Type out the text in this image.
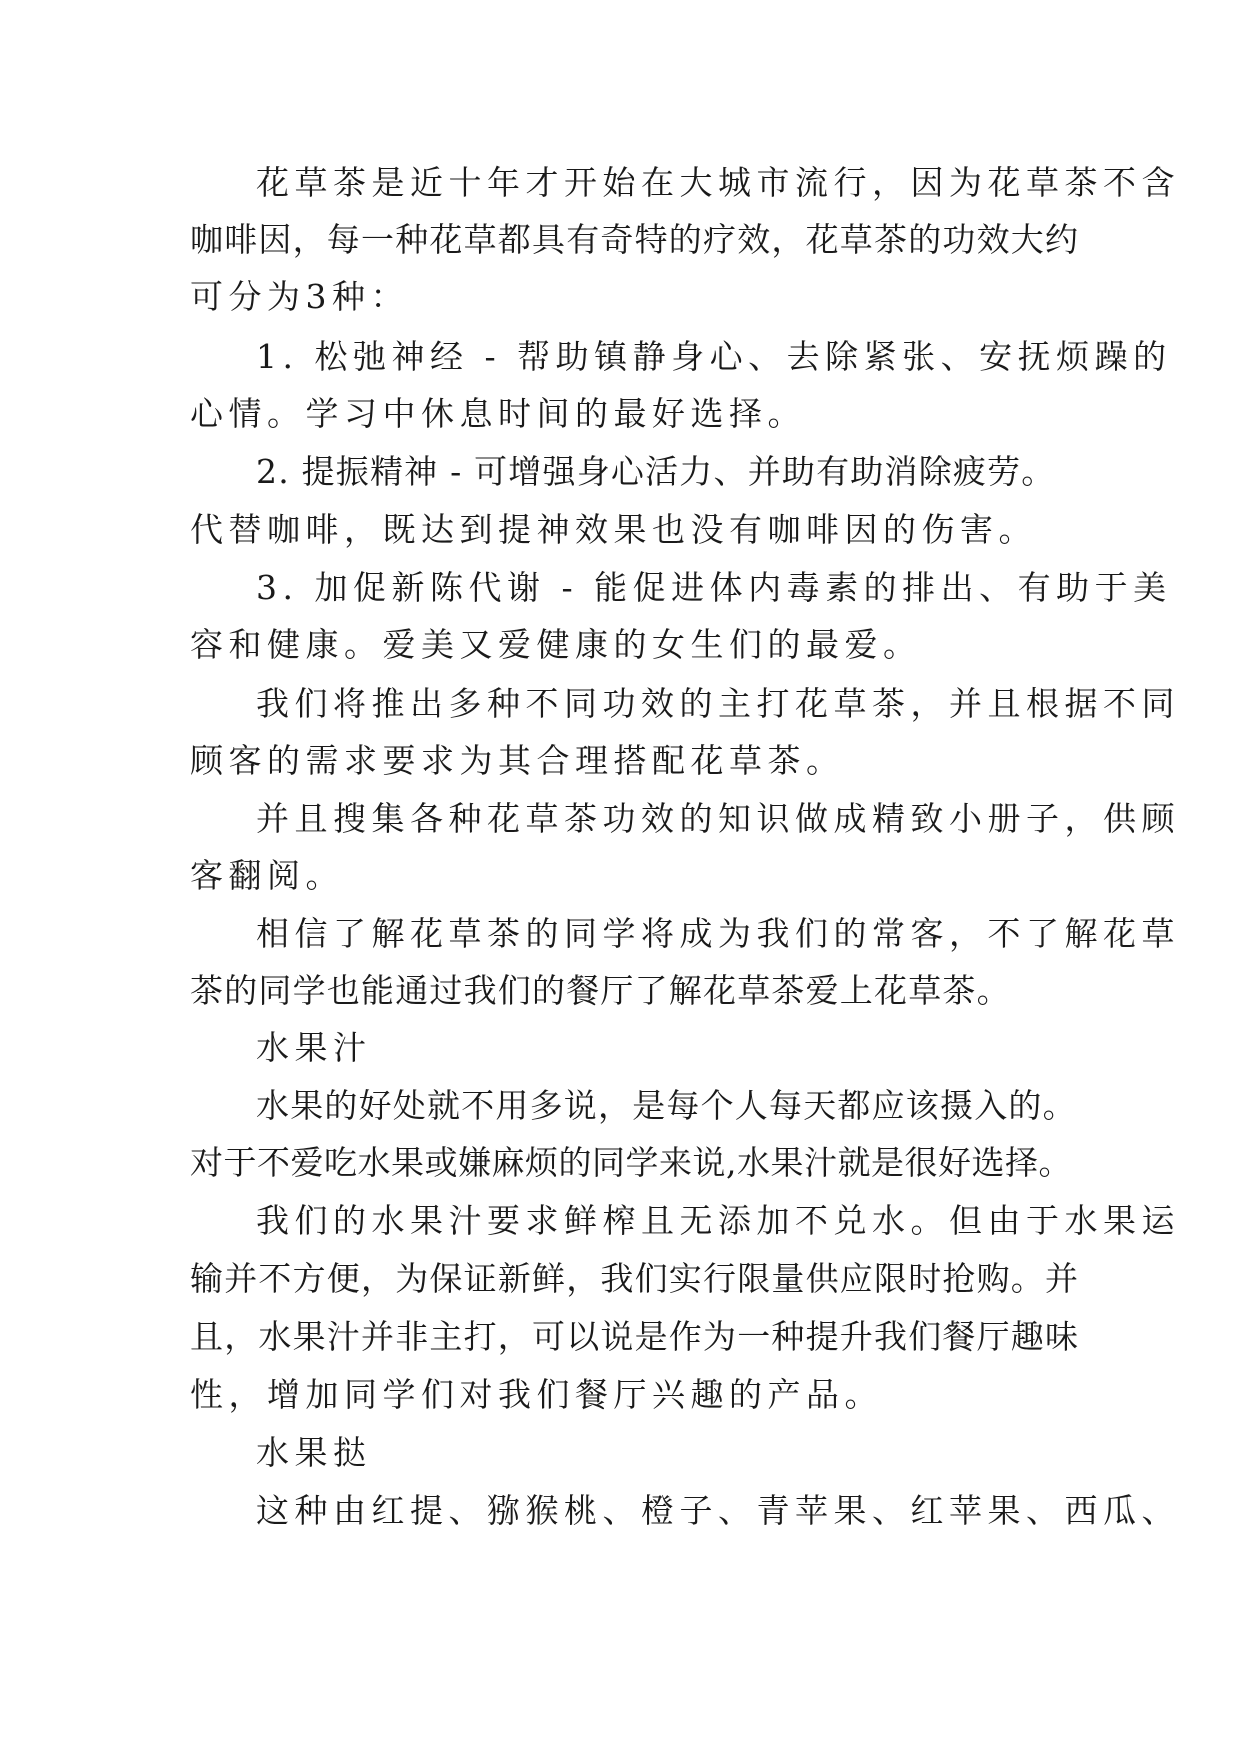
花草茶是近十年才开始在大城市流行，因为花草茶不含
咖啡因，每一种花草都具有奇特的疗效，花草茶的功效大约
可分为3种：
1. 松弛神经 - 帮助镇静身心、去除紧张、安抚烦躁的
心情。学习中休息时间的最好选择。
2. 提振精神 - 可增强身心活力、并助有助消除疲劳。
代替咖啡，既达到提神效果也没有咖啡因的伤害。
3. 加促新陈代谢 - 能促进体内毒素的排出、有助于美
容和健康。爱美又爱健康的女生们的最爱。
我们将推出多种不同功效的主打花草茶，并且根据不同
顾客的需求要求为其合理搭配花草茶。
并且搜集各种花草茶功效的知识做成精致小册子，供顾
客翻阅。
相信了解花草茶的同学将成为我们的常客，不了解花草
茶的同学也能通过我们的餐厅了解花草茶爱上花草茶。
水果汁
水果的好处就不用多说，是每个人每天都应该摄入的。
对于不爱吃水果或嫌麻烦的同学来说,水果汁就是很好选择。
我们的水果汁要求鲜榨且无添加不兑水。但由于水果运
输并不方便，为保证新鲜，我们实行限量供应限时抢购。并
且，水果汁并非主打，可以说是作为一种提升我们餐厅趣味
性，增加同学们对我们餐厅兴趣的产品。
水果挞
这种由红提、猕猴桃、橙子、青苹果、红苹果、西瓜、
